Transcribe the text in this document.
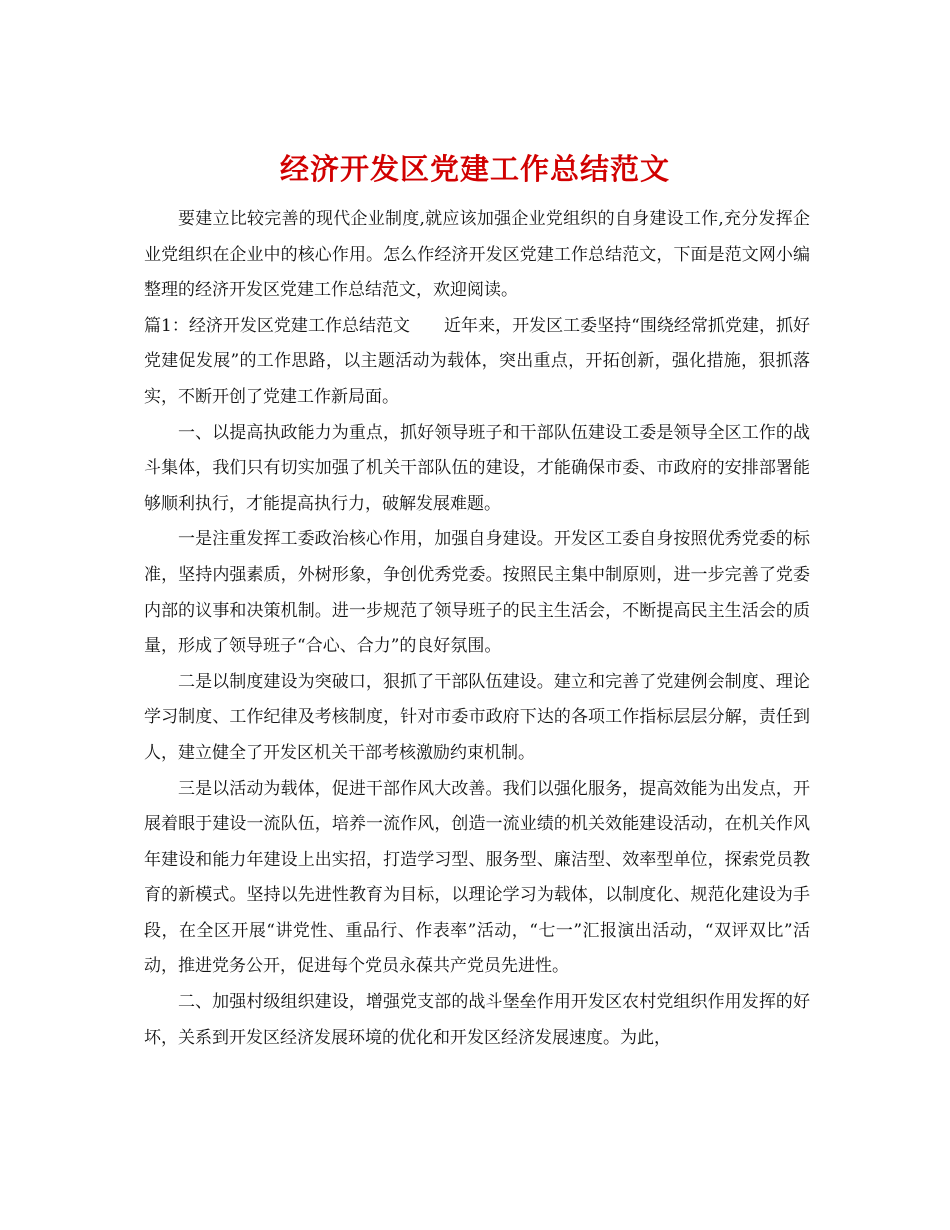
经济开发区党建工作总结范文

要建立比较完善的现代企业制度,就应该加强企业党组织的自身建设工作,充分发挥企业党组织在企业中的核心作用。怎么作经济开发区党建工作总结范文，下面是范文网小编整理的经济开发区党建工作总结范文，欢迎阅读。

篇1：经济开发区党建工作总结范文　　近年来，开发区工委坚持“围绕经常抓党建，抓好党建促发展”的工作思路，以主题活动为载体，突出重点，开拓创新，强化措施，狠抓落实，不断开创了党建工作新局面。

一、以提高执政能力为重点，抓好领导班子和干部队伍建设工委是领导全区工作的战斗集体，我们只有切实加强了机关干部队伍的建设，才能确保市委、市政府的安排部署能够顺利执行，才能提高执行力，破解发展难题。

一是注重发挥工委政治核心作用，加强自身建设。开发区工委自身按照优秀党委的标准，坚持内强素质，外树形象，争创优秀党委。按照民主集中制原则，进一步完善了党委内部的议事和决策机制。进一步规范了领导班子的民主生活会，不断提高民主生活会的质量，形成了领导班子“合心、合力”的良好氛围。

二是以制度建设为突破口，狠抓了干部队伍建设。建立和完善了党建例会制度、理论学习制度、工作纪律及考核制度，针对市委市政府下达的各项工作指标层层分解，责任到人，建立健全了开发区机关干部考核激励约束机制。

三是以活动为载体，促进干部作风大改善。我们以强化服务，提高效能为出发点，开展着眼于建设一流队伍，培养一流作风，创造一流业绩的机关效能建设活动，在机关作风年建设和能力年建设上出实招，打造学习型、服务型、廉洁型、效率型单位，探索党员教育的新模式。坚持以先进性教育为目标，以理论学习为载体，以制度化、规范化建设为手段，在全区开展“讲党性、重品行、作表率”活动，“七一”汇报演出活动，“双评双比”活动，推进党务公开，促进每个党员永葆共产党员先进性。

二、加强村级组织建设，增强党支部的战斗堡垒作用开发区农村党组织作用发挥的好坏，关系到开发区经济发展环境的优化和开发区经济发展速度。为此，
